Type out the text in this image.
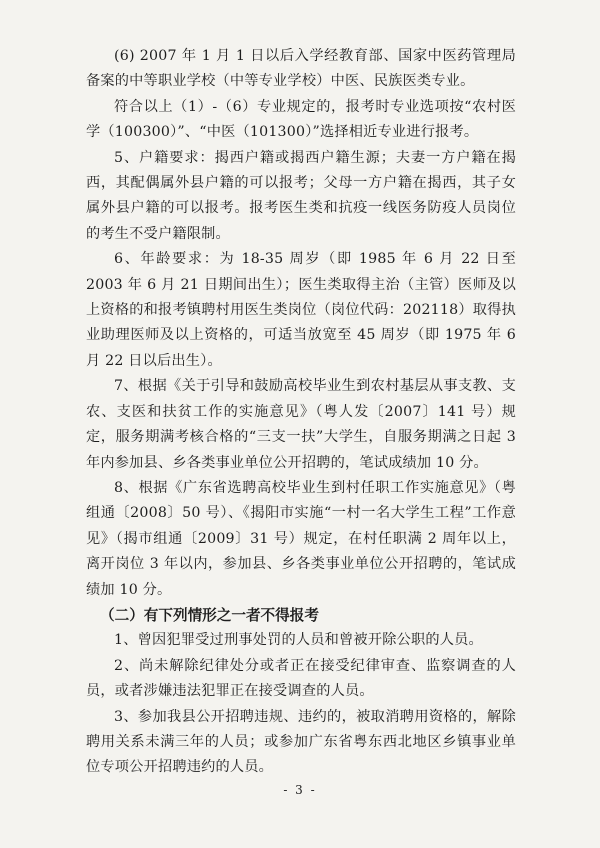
(6) 2007 年 1 月 1 日以后入学经教育部、国家中医药管理局备案的中等职业学校（中等专业学校）中医、民族医类专业。

符合以上（1）-（6）专业规定的，报考时专业选项按“农村医学（100300）”、“中医（101300）”选择相近专业进行报考。

5、户籍要求：揭西户籍或揭西户籍生源；夫妻一方户籍在揭西，其配偶属外县户籍的可以报考；父母一方户籍在揭西，其子女属外县户籍的可以报考。报考医生类和抗疫一线医务防疫人员岗位的考生不受户籍限制。

6、年龄要求：为 18-35 周岁（即 1985 年 6 月 22 日至 2003 年 6 月 21 日期间出生）；医生类取得主治（主管）医师及以上资格的和报考镇聘村用医生类岗位（岗位代码：202118）取得执业助理医师及以上资格的，可适当放宽至 45 周岁（即 1975 年 6 月 22 日以后出生）。

7、根据《关于引导和鼓励高校毕业生到农村基层从事支教、支农、支医和扶贫工作的实施意见》（粤人发〔2007〕141 号）规定，服务期满考核合格的“三支一扶”大学生，自服务期满之日起 3 年内参加县、乡各类事业单位公开招聘的，笔试成绩加 10 分。

8、根据《广东省选聘高校毕业生到村任职工作实施意见》（粤组通〔2008〕50 号）、《揭阳市实施“一村一名大学生工程”工作意见》（揭市组通〔2009〕31 号）规定，在村任职满 2 周年以上，离开岗位 3 年以内，参加县、乡各类事业单位公开招聘的，笔试成绩加 10 分。

（二）有下列情形之一者不得报考

1、曾因犯罪受过刑事处罚的人员和曾被开除公职的人员。

2、尚未解除纪律处分或者正在接受纪律审查、监察调查的人员，或者涉嫌违法犯罪正在接受调查的人员。

3、参加我县公开招聘违规、违约的，被取消聘用资格的，解除聘用关系未满三年的人员；或参加广东省粤东西北地区乡镇事业单位专项公开招聘违约的人员。

- 3 -
